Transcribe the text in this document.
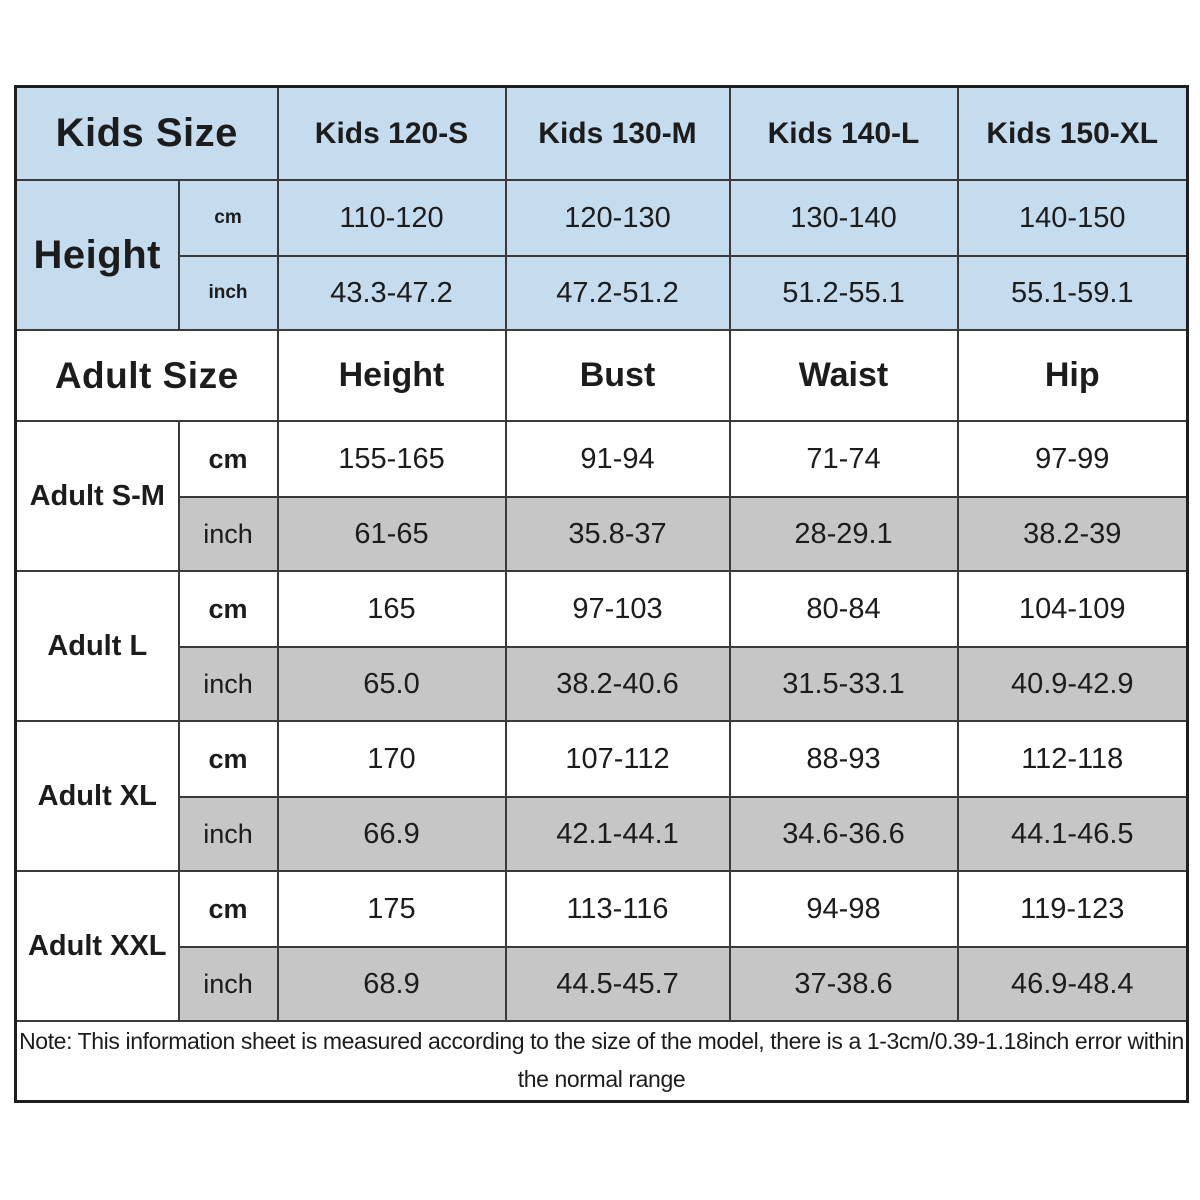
Kids Size		Kids 120-S	Kids 130-M	Kids 140-L	Kids 150-XL
Height	cm	110-120	120-130	130-140	140-150
	inch	43.3-47.2	47.2-51.2	51.2-55.1	55.1-59.1
Adult Size		Height	Bust	Waist	Hip
Adult S-M	cm	155-165	91-94	71-74	97-99
	inch	61-65	35.8-37	28-29.1	38.2-39
Adult L	cm	165	97-103	80-84	104-109
	inch	65.0	38.2-40.6	31.5-33.1	40.9-42.9
Adult XL	cm	170	107-112	88-93	112-118
	inch	66.9	42.1-44.1	34.6-36.6	44.1-46.5
Adult XXL	cm	175	113-116	94-98	119-123
	inch	68.9	44.5-45.7	37-38.6	46.9-48.4
Note: This information sheet is measured according to the size of the model, there is a 1-3cm/0.39-1.18inch error within the normal range					
